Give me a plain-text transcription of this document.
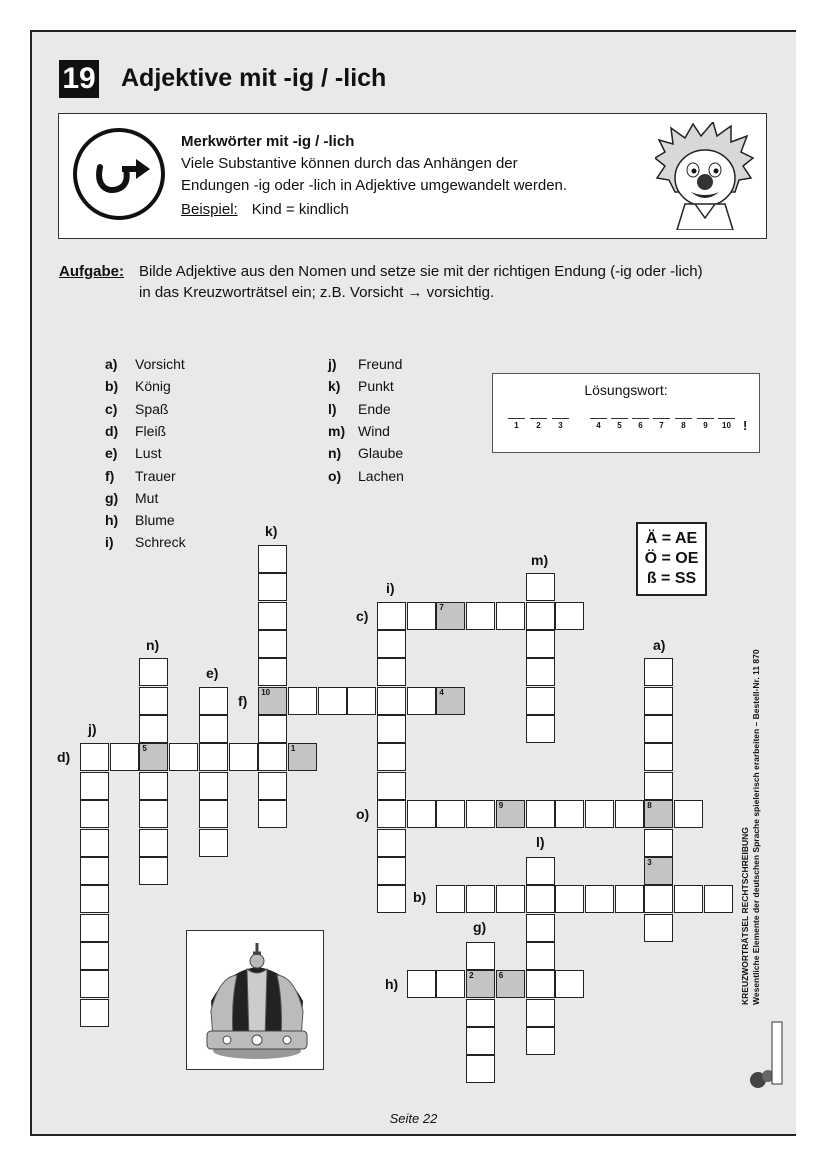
19 Adjektive mit -ig / -lich
Merkwörter mit -ig / -lich
Viele Substantive können durch das Anhängen der
Endungen -ig oder -lich in Adjektive umgewandelt werden.
Beispiel: Kind = kindlich
Aufgabe: Bilde Adjektive aus den Nomen und setze sie mit der richtigen Endung (-ig oder -lich)
in das Kreuzworträtsel ein; z.B. Vorsicht → vorsichtig.
a) Vorsicht
b) König
c) Spaß
d) Fleiß
e) Lust
f) Trauer
g) Mut
h) Blume
i) Schreck
j) Freund
k) Punkt
l) Ende
m) Wind
n) Glaube
o) Lachen
Lösungswort:
1	2	3	4	5	6	7	8	9	10 !
Ä = AE
Ö = OE
ß = SS
8
3
7
5	1
10	4
2	6
9
a)
b)
c)
d)
e)
f)
g)
h)
i)
j)
k)
l)
m)
n)
o)
KREUZWORTRÄTSEL RECHTSCHREIBUNG Wesentliche Elemente der deutschen Sprache spielerisch erarbeiten – Bestell-Nr. 11 870
Seite 22
